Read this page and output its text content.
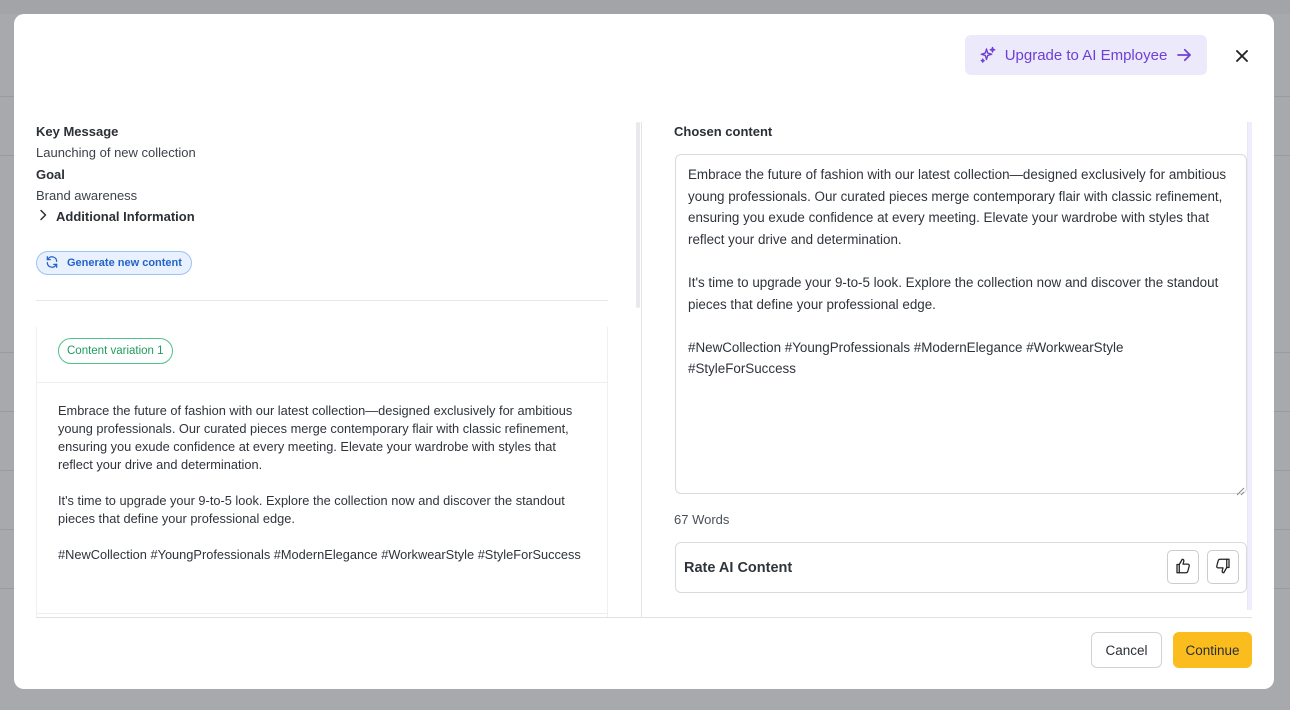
Upgrade to AI Employee
Key Message
Launching of new collection
Goal
Brand awareness
Additional Information
Generate new content
Content variation 1
Embrace the future of fashion with our latest collection—designed exclusively for ambitious young professionals. Our curated pieces merge contemporary flair with classic refinement, ensuring you exude confidence at every meeting. Elevate your wardrobe with styles that reflect your drive and determination.

It's time to upgrade your 9-to-5 look. Explore the collection now and discover the standout pieces that define your professional edge.

#NewCollection #YoungProfessionals #ModernElegance #WorkwearStyle #StyleForSuccess
Chosen content
Embrace the future of fashion with our latest collection—designed exclusively for ambitious young professionals. Our curated pieces merge contemporary flair with classic refinement, ensuring you exude confidence at every meeting. Elevate your wardrobe with styles that reflect your drive and determination. It's time to upgrade your 9-to-5 look. Explore the collection now and discover the standout pieces that define your professional edge. #NewCollection #YoungProfessionals #ModernElegance #WorkwearStyle #StyleForSuccess
67 Words
Rate AI Content
Cancel	Continue
